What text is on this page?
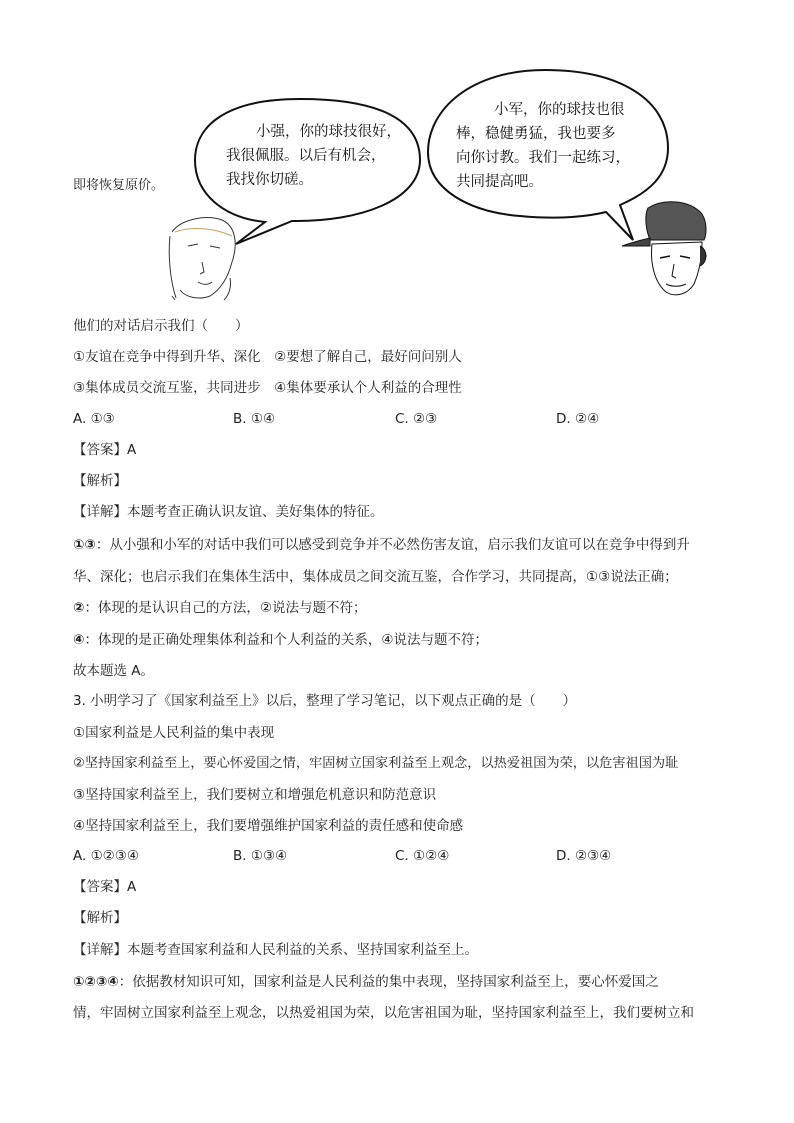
即将恢复原价。
小强，你的球技很好，
我很佩服。以后有机会，
我找你切磋。
小军，你的球技也很
棒，稳健勇猛，我也要多
向你讨教。我们一起练习，
共同提高吧。
他们的对话启示我们（　　）
①友谊在竞争中得到升华、深化　②要想了解自己，最好问问别人
③集体成员交流互鉴，共同进步　④集体要承认个人利益的合理性
A. ①③	B. ①④	C. ②③	D. ②④
【答案】A
【解析】
【详解】本题考查正确认识友谊、美好集体的特征。
①③：从小强和小军的对话中我们可以感受到竞争并不必然伤害友谊，启示我们友谊可以在竞争中得到升
华、深化；也启示我们在集体生活中，集体成员之间交流互鉴，合作学习，共同提高，①③说法正确；
②：体现的是认识自己的方法，②说法与题不符；
④：体现的是正确处理集体利益和个人利益的关系，④说法与题不符；
故本题选 A。
3. 小明学习了《国家利益至上》以后，整理了学习笔记，以下观点正确的是（　　）
①国家利益是人民利益的集中表现
②坚持国家利益至上，要心怀爱国之情，牢固树立国家利益至上观念，以热爱祖国为荣，以危害祖国为耻
③坚持国家利益至上，我们要树立和增强危机意识和防范意识
④坚持国家利益至上，我们要增强维护国家利益的责任感和使命感
A. ①②③④	B. ①③④	C. ①②④	D. ②③④
【答案】A
【解析】
【详解】本题考查国家利益和人民利益的关系、坚持国家利益至上。
①②③④：依据教材知识可知，国家利益是人民利益的集中表现，坚持国家利益至上，要心怀爱国之
情，牢固树立国家利益至上观念，以热爱祖国为荣，以危害祖国为耻，坚持国家利益至上，我们要树立和
